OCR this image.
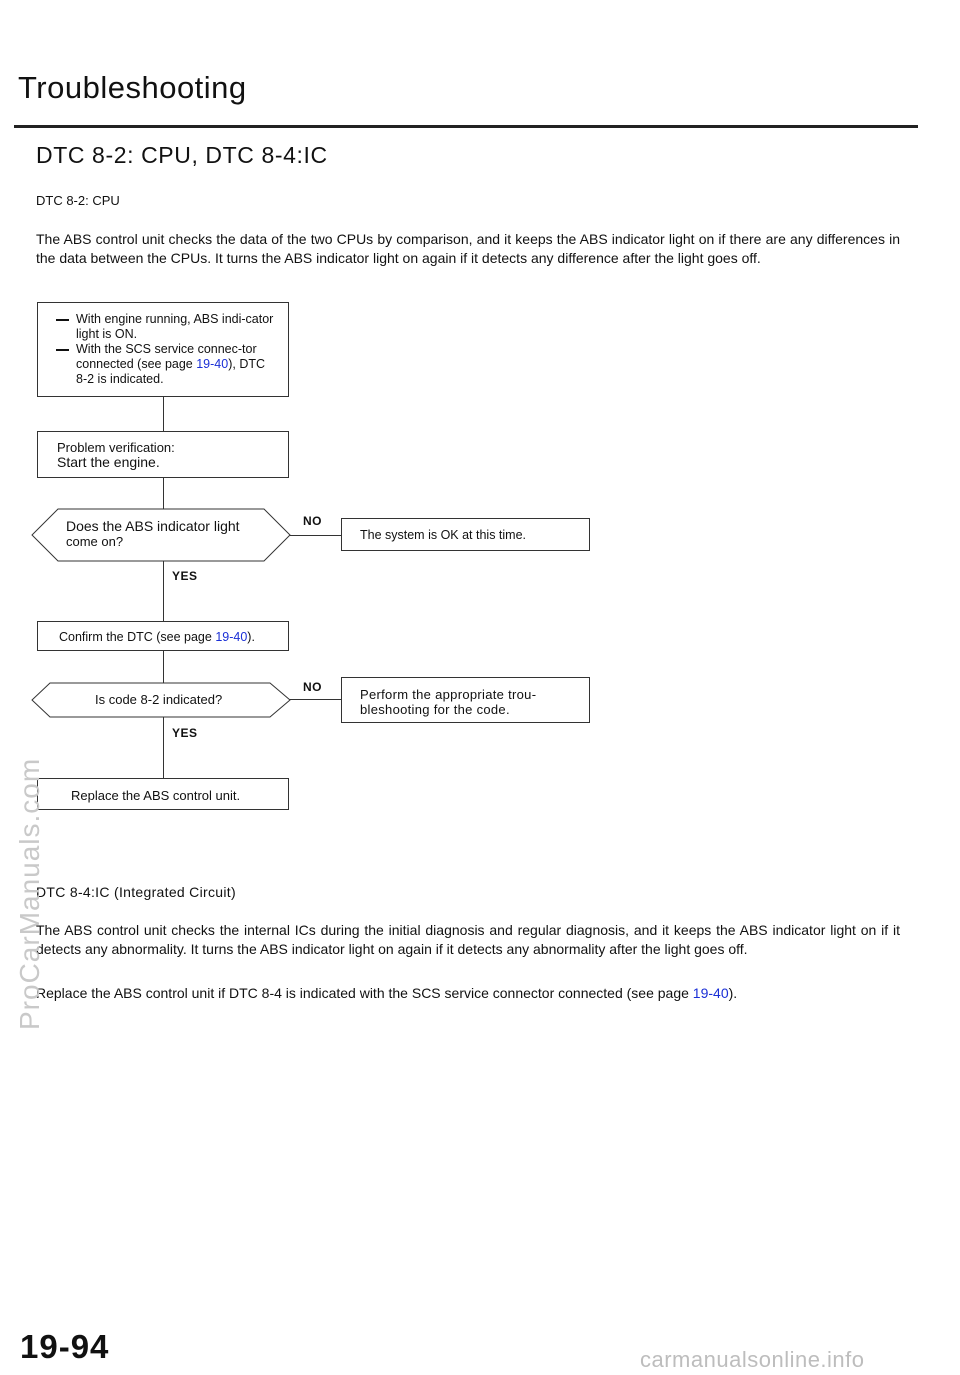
Troubleshooting
DTC 8-2: CPU, DTC 8-4:IC
DTC 8-2: CPU
The ABS control unit checks the data of the two CPUs by comparison, and it keeps the ABS indicator light on if there are any differences in the data between the CPUs. It turns the ABS indicator light on again if it detects any difference after the light goes off.
With engine running, ABS indi-cator light is ON.
With the SCS service connec-tor connected (see page 19-40), DTC 8-2 is indicated.
Problem verification:
Start the engine.
Does the ABS indicator light
come on?
NO
The system is OK at this time.
YES
Confirm the DTC (see page 19-40).
Is code 8-2 indicated?
NO	Perform the appropriate trou-bleshooting for the code.
YES
Replace the ABS control unit.
DTC 8-4:IC (Integrated Circuit)
The ABS control unit checks the internal ICs during the initial diagnosis and regular diagnosis, and it keeps the ABS indicator light on if it detects any abnormality. It turns the ABS indicator light on again if it detects any abnormality after the light goes off.
Replace the ABS control unit if DTC 8-4 is indicated with the SCS service connector connected (see page 19-40).
19-94
ProCarManuals.com
carmanualsonline.info
